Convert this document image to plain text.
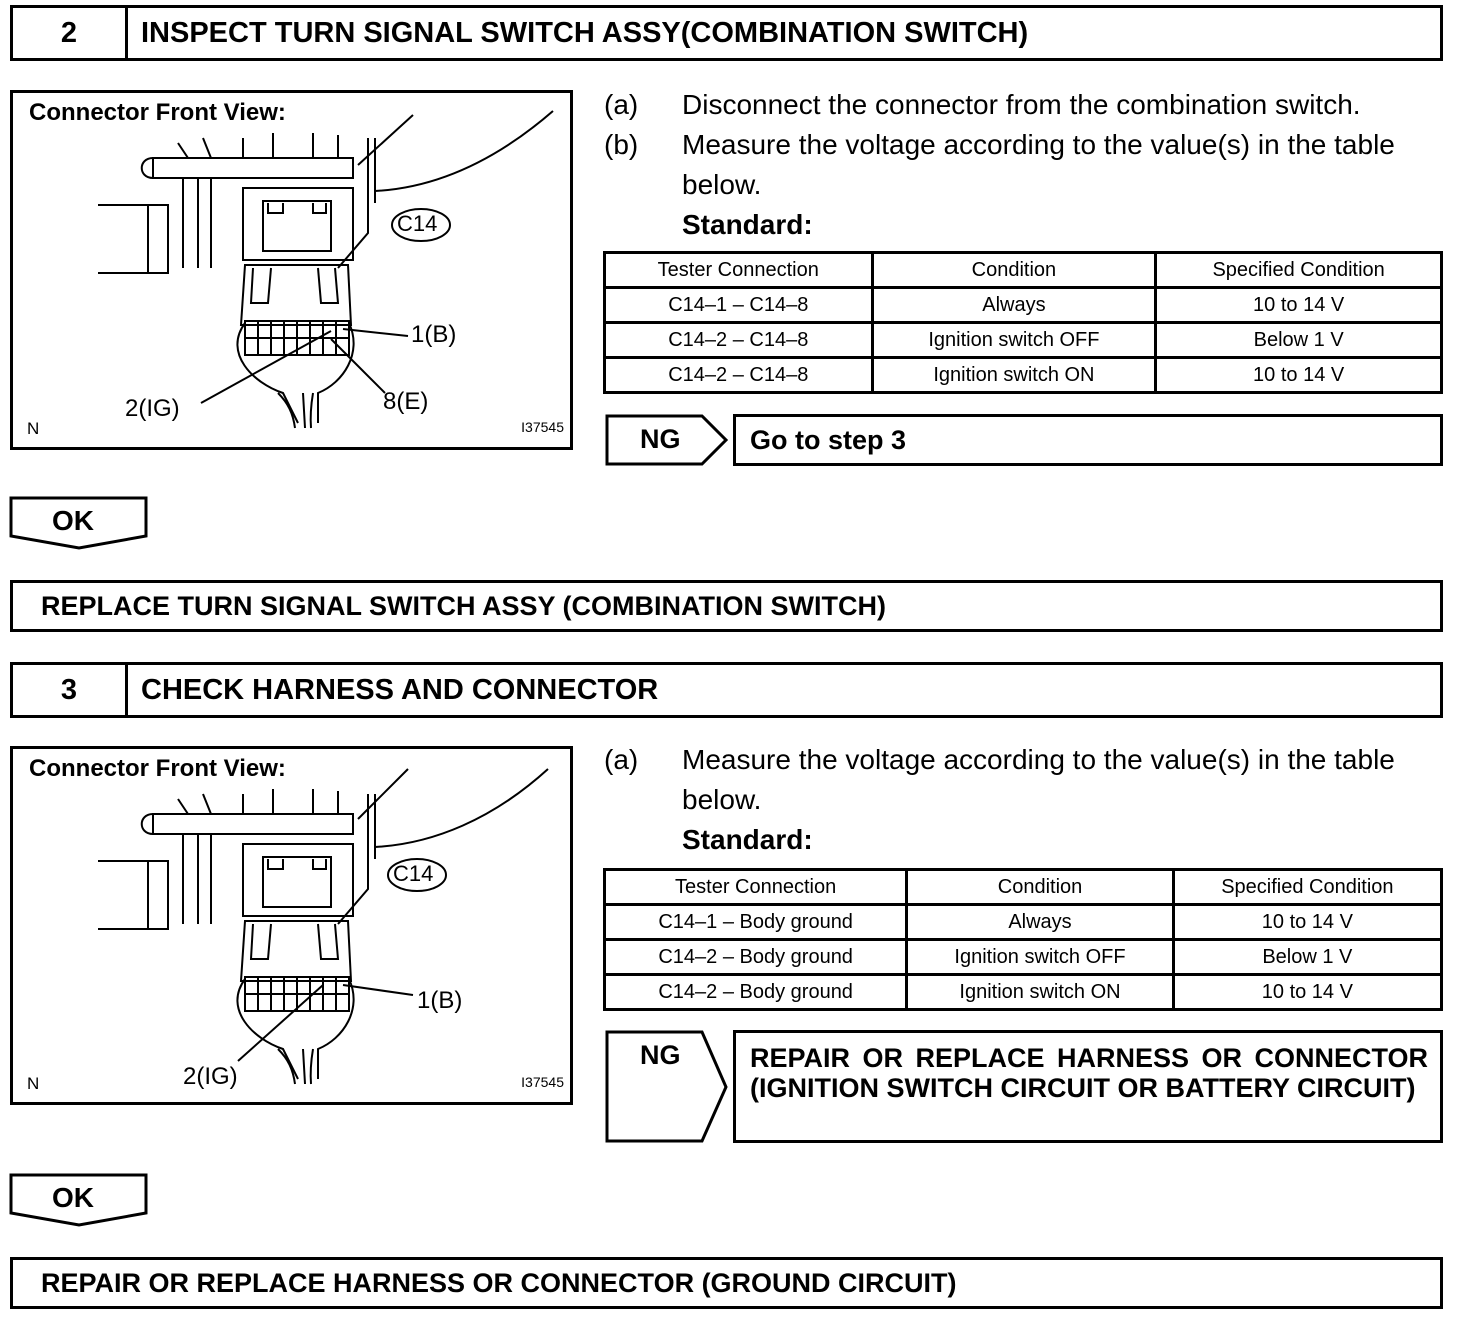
2	INSPECT TURN SIGNAL SWITCH ASSY(COMBINATION SWITCH)
Connector Front View:
C14
1(B)
2(IG)	8(E)
N	I37545
(a)	Disconnect the connector from the combination switch.
(b)	Measure the voltage according to the value(s) in the table below.
Standard:
Tester Connection	Condition	Specified Condition
C14–1 – C14–8	Always	10 to 14 V
C14–2 – C14–8	Ignition switch OFF	Below 1 V
C14–2 – C14–8	Ignition switch ON	10 to 14 V
NG	Go to step 3
OK
REPLACE TURN SIGNAL SWITCH ASSY (COMBINATION SWITCH)
3	CHECK HARNESS AND CONNECTOR
Connector Front View:
C14
1(B)
2(IG)
N	I37545
(a)	Measure the voltage according to the value(s) in the table below.
Standard:
Tester Connection	Condition	Specified Condition
C14–1 – Body ground	Always	10 to 14 V
C14–2 – Body ground	Ignition switch OFF	Below 1 V
C14–2 – Body ground	Ignition switch ON	10 to 14 V
NG	REPAIR OR REPLACE HARNESS OR CONNECTOR (IGNITION SWITCH CIRCUIT OR BATTERY CIRCUIT)
OK
REPAIR OR REPLACE HARNESS OR CONNECTOR (GROUND CIRCUIT)
